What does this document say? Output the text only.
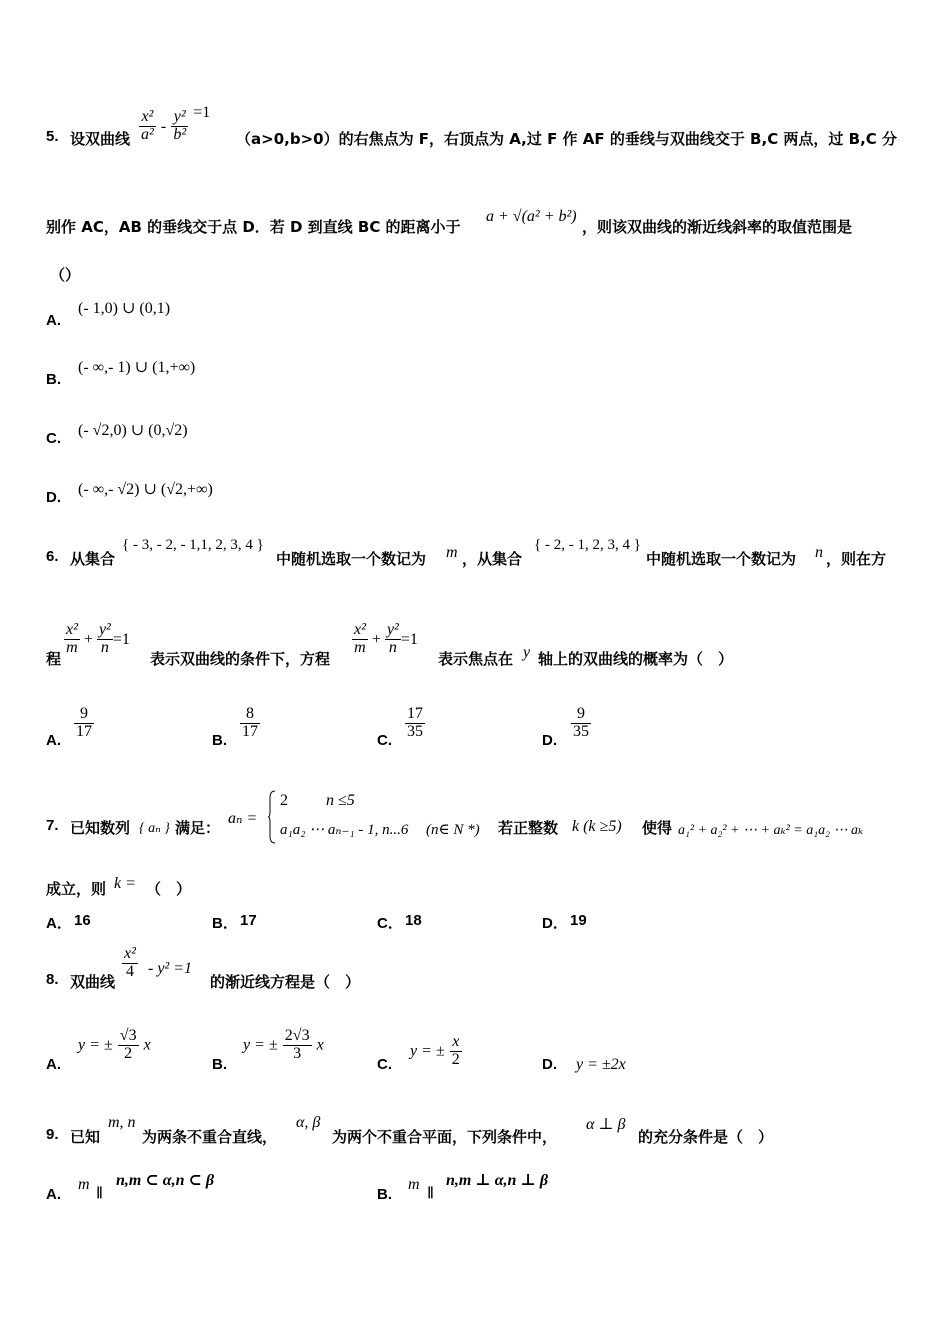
5. 设双曲线 $\frac{\text{x²}}{\text{a²}} - \frac{\text{y²}}{\text{b²}} =1$
（a>0,b>0）的右焦点为 F，右顶点为 A,过 F 作 AF 的垂线与双曲线交于 B,C 两点，过 B,C 分
别作 AC，AB 的垂线交于点 D．若 D 到直线 BC 的距离小于
a + √(a² + b²)
，则该双曲线的渐近线斜率的取值范围是
（）
A.
(- 1,0) ∪ (0,1)
B.
(- ∞,- 1) ∪ (1,+∞)
C. (- √2,0) ∪ (0,√2)
D. (- ∞,- √2) ∪ (√2,+∞)
6. 从集合
{ - 3, - 2, - 1,1, 2, 3, 4 }
中随机选取一个数记为 m ，从集合
{ - 2, - 1, 2, 3, 4 }
中随机选取一个数记为 n ，则在方
程
$\frac{\text{x²}}{m} + \frac{\text{y²}}{n} =1$
表示双曲线的条件下，方程
$\frac{\text{x²}}{m} + \frac{\text{y²}}{n} =1$
表示焦点在 y 轴上的双曲线的概率为（　）
A. $\frac{9}{17}$	B. $\frac{8}{17}$	C. $\frac{17}{35}$	D. $\frac{9}{35}$
7. 已知数列 { aₙ } 满足：
aₙ =
2 n ≤5
a₁a₂ ⋯ aₙ₋₁ - 1, n...6 (n∈ N *) 若正整数 k (k ≥5) 使得 a₁² + a₂² + ⋯ + aₖ² = a₁a₂ ⋯ aₖ
成立，则 k = （　）
A． 16	B． 17	C． 18	D． 19
8. 双曲线
$\frac{\text{x²}}{4} - y^2 =1$
的渐近线方程是（　）
A.
y = ± $\frac{√3}{2}$ x
B.
y = ± $\frac{2√3}{3}$ x
C.
y = ± $\frac{x}{2}$	D. y = ±2x
9. 已知
m, n
为两条不重合直线，
α, β
为两个不重合平面，下列条件中，
α ⊥ β
的充分条件是（　）
A.
m
∥
n,m ⊂ α,n ⊂ β
B.
m
∥
n,m ⊥ α,n ⊥ β
